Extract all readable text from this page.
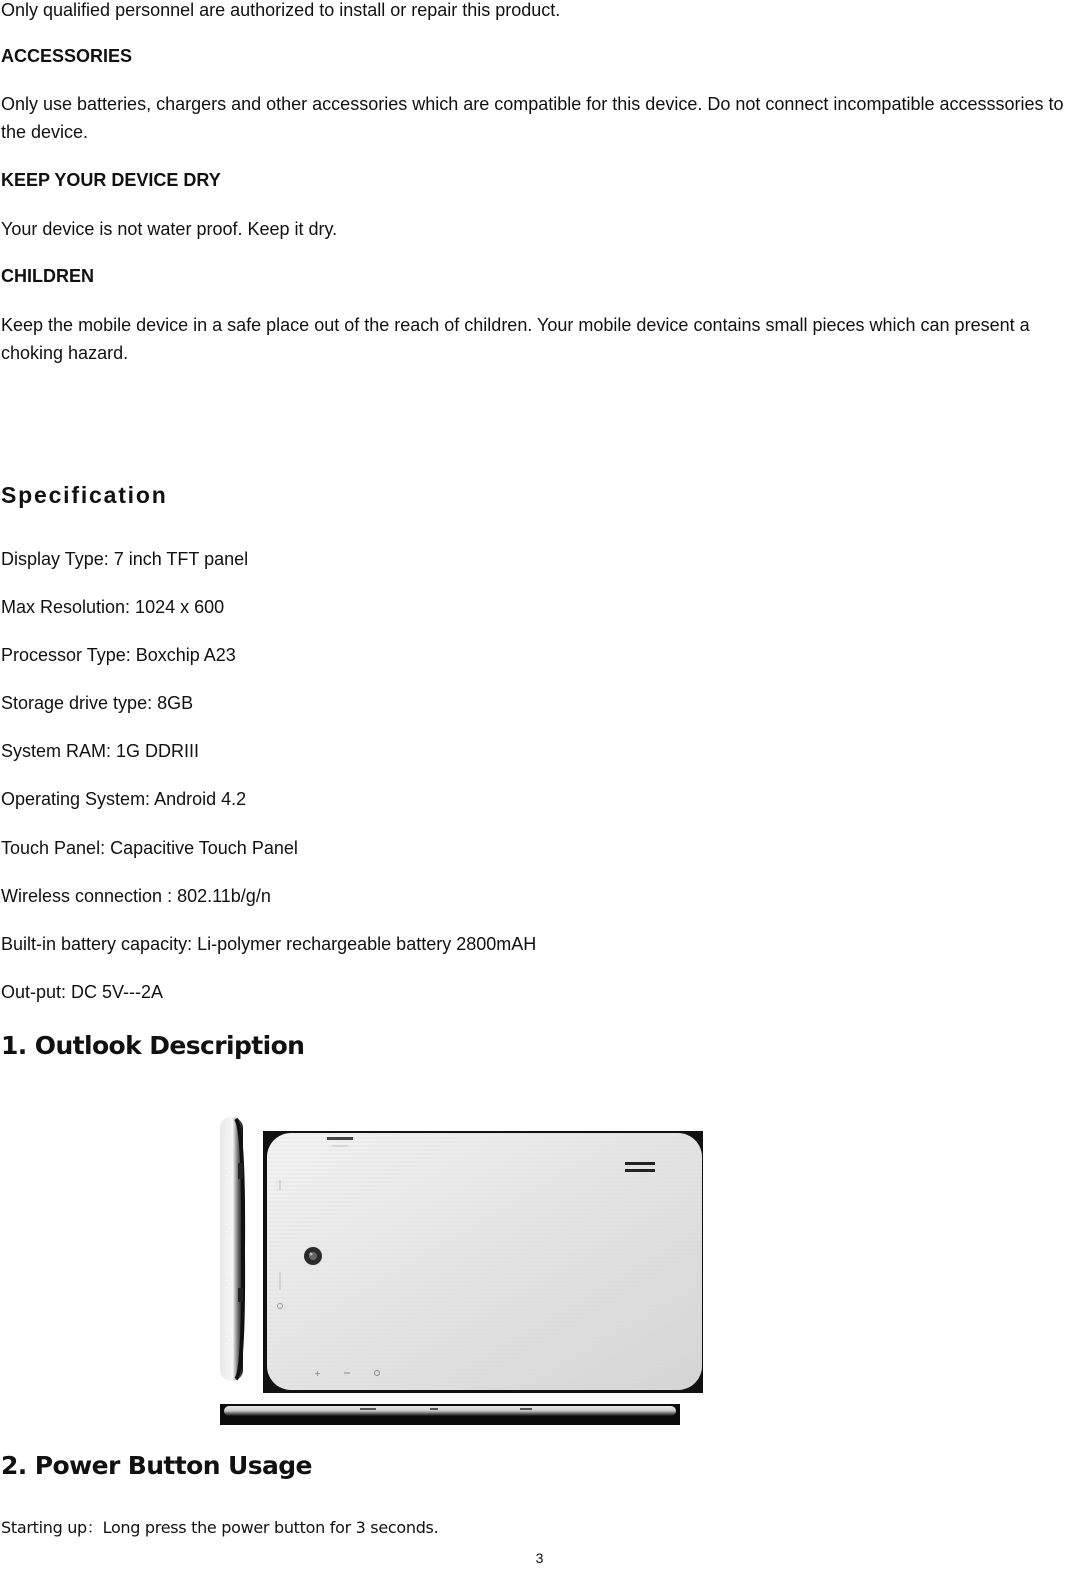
Only qualified personnel are authorized to install or repair this product.

ACCESSORIES

Only use batteries, chargers and other accessories which are compatible for this device. Do not connect incompatible accesssories to the device.

KEEP YOUR DEVICE DRY

Your device is not water proof. Keep it dry.

CHILDREN

Keep the mobile device in a safe place out of the reach of children. Your mobile device contains small pieces which can present a choking hazard.

Specification

Display Type: 7 inch TFT panel

Max Resolution: 1024 x 600

Processor Type: Boxchip A23

Storage drive type: 8GB

System RAM: 1G DDRIII

Operating System: Android 4.2

Touch Panel: Capacitive Touch Panel

Wireless connection : 802.11b/g/n

Built-in battery capacity: Li-polymer rechargeable battery 2800mAH

Out-put: DC 5V---2A

1. Outlook Description

+

2. Power Button Usage

Starting up：Long press the power button for 3 seconds.

3
